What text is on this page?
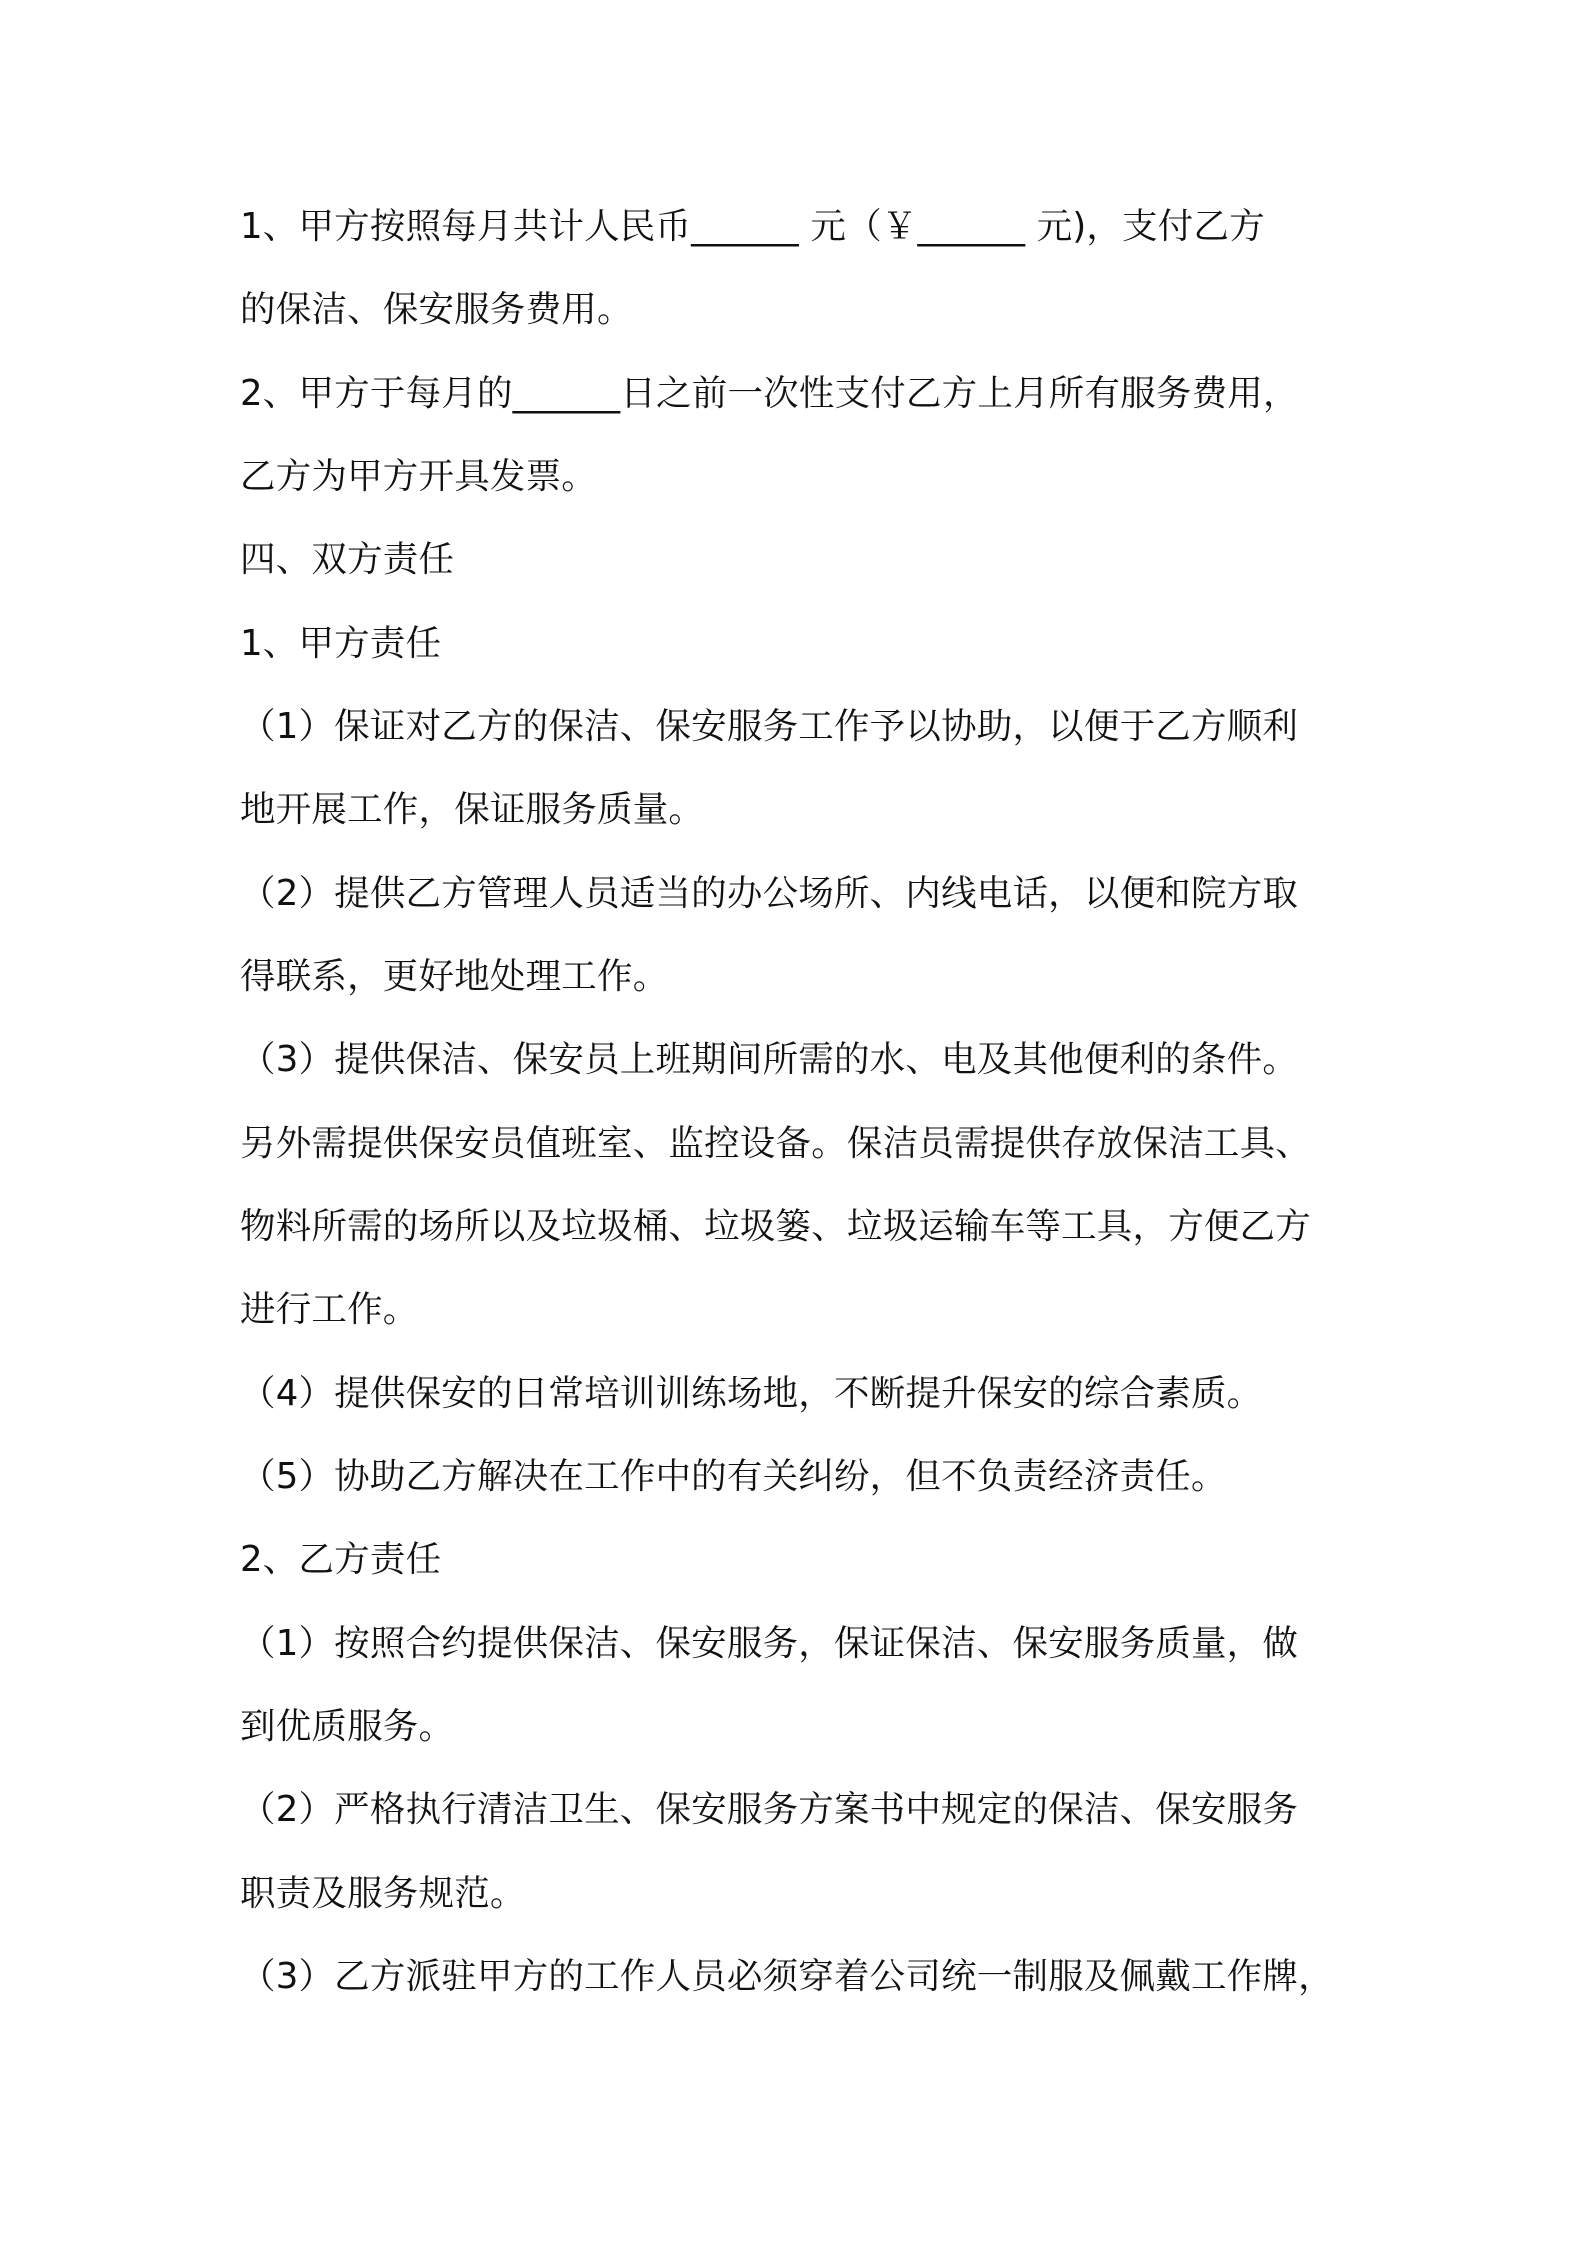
1、甲方按照每月共计人民币______ 元（￥______ 元)，支付乙方
的保洁、保安服务费用。
2、甲方于每月的______日之前一次性支付乙方上月所有服务费用，
乙方为甲方开具发票。
四、双方责任
1、甲方责任
（1）保证对乙方的保洁、保安服务工作予以协助，以便于乙方顺利
地开展工作，保证服务质量。
（2）提供乙方管理人员适当的办公场所、内线电话，以便和院方取
得联系，更好地处理工作。
（3）提供保洁、保安员上班期间所需的水、电及其他便利的条件。
另外需提供保安员值班室、监控设备。保洁员需提供存放保洁工具、
物料所需的场所以及垃圾桶、垃圾篓、垃圾运输车等工具，方便乙方
进行工作。
（4）提供保安的日常培训训练场地，不断提升保安的综合素质。
（5）协助乙方解决在工作中的有关纠纷，但不负责经济责任。
2、乙方责任
（1）按照合约提供保洁、保安服务，保证保洁、保安服务质量，做
到优质服务。
（2）严格执行清洁卫生、保安服务方案书中规定的保洁、保安服务
职责及服务规范。
（3）乙方派驻甲方的工作人员必须穿着公司统一制服及佩戴工作牌，
